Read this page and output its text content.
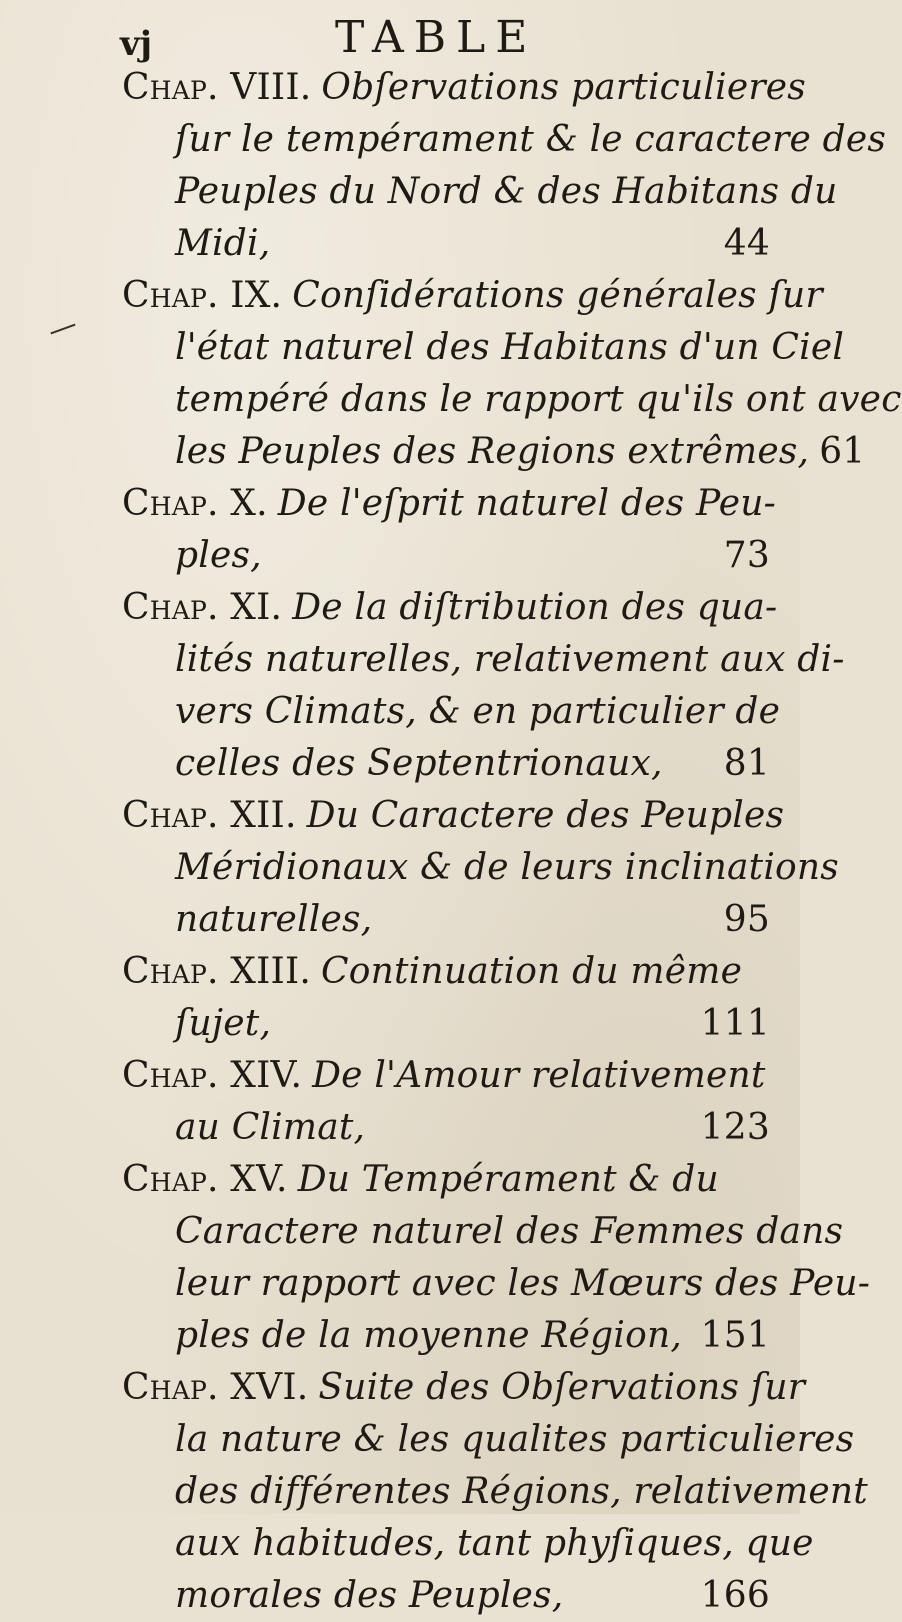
vj	TABLE
Chap. VIII. Obſervations particulieres
ſur le tempérament & le caractere des
Peuples du Nord & des Habitans du
Midi,	44
Chap. IX. Conſidérations générales ſur
l'état naturel des Habitans d'un Ciel
tempéré dans le rapport qu'ils ont avec
les Peuples des Regions extrêmes, 61
Chap. X. De l'eſprit naturel des Peu-
ples,	73
Chap. XI. De la diſtribution des qua-
lités naturelles, relativement aux di-
vers Climats, & en particulier de
celles des Septentrionaux,	81
Chap. XII. Du Caractere des Peuples
Méridionaux & de leurs inclinations
naturelles,	95
Chap. XIII. Continuation du même
ſujet,	111
Chap. XIV. De l'Amour relativement
au Climat,	123
Chap. XV. Du Tempérament & du
Caractere naturel des Femmes dans
leur rapport avec les Mœurs des Peu-
ples de la moyenne Région, 151
Chap. XVI. Suite des Obſervations ſur
la nature & les qualites particulieres
des différentes Régions, relativement
aux habitudes, tant phyſiques, que
morales des Peuples,	166
